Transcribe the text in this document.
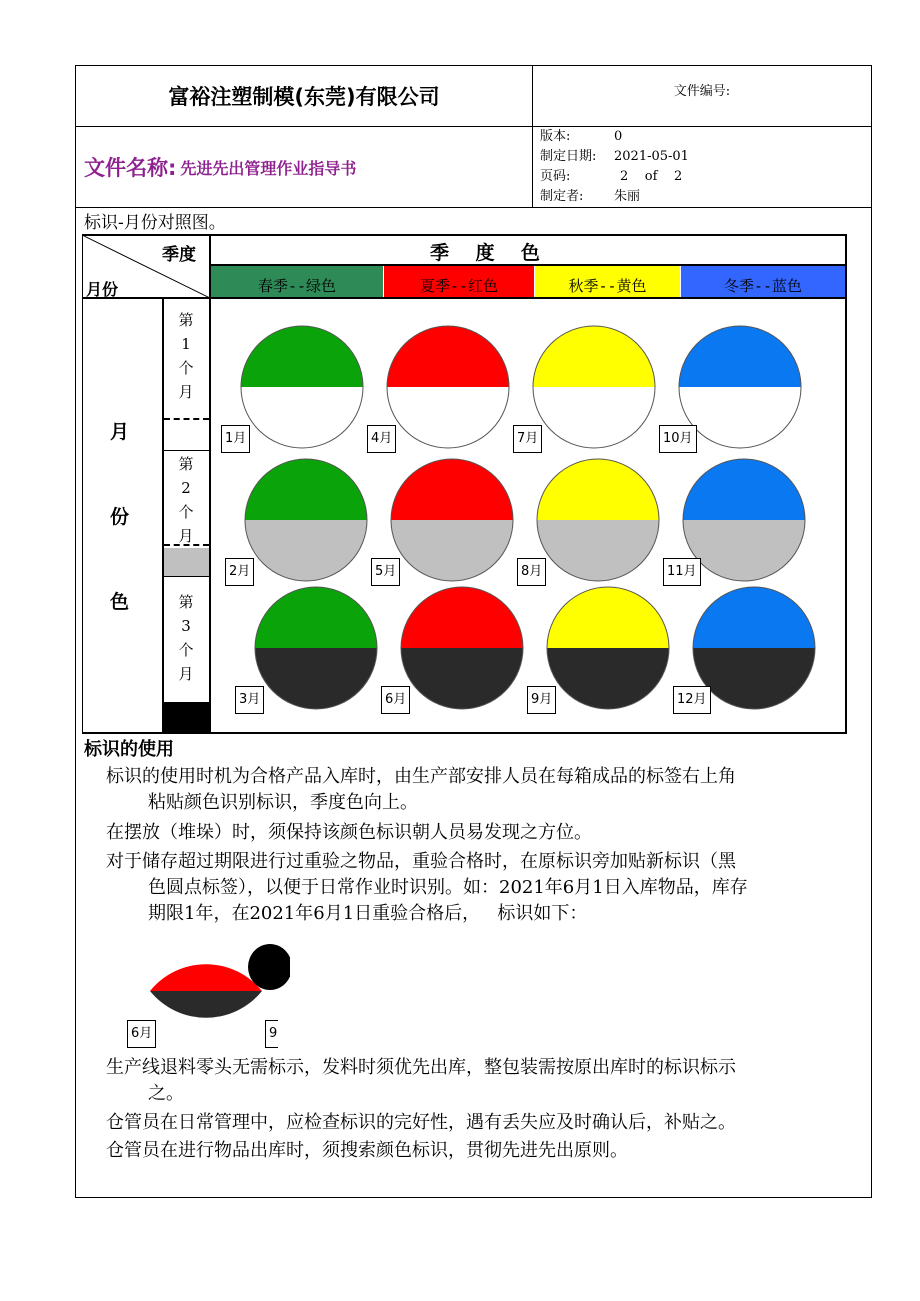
富裕注塑制模(东莞)有限公司	文件编号:
文件名称: 先进先出管理作业指导书
版本:	0
制定日期: 2021-05-01
页码:	2    of    2
制定者: 朱丽
标识-月份对照图。
季度
月份
季    度    色
春季--绿色	夏季--红色	秋季--黄色	冬季--蓝色
月
份
色
第1个月
第2个月
第3个月
1月	4月	7月	10月
2月	5月	8月	11月
3月	6月	9月	12月
标识的使用
标识的使用时机为合格产品入库时，由生产部安排人员在每箱成品的标签右上角
粘贴颜色识别标识，季度色向上。
在摆放（堆垛）时，须保持该颜色标识朝人员易发现之方位。
对于储存超过期限进行过重验之物品，重验合格时，在原标识旁加贴新标识（黑
色圆点标签），以便于日常作业时识别。如：2021年6月1日入库物品，库存
期限1年，在2021年6月1日重验合格后，   标识如下：
6月	9
生产线退料零头无需标示，发料时须优先出库，整包装需按原出库时的标识标示
之。
仓管员在日常管理中，应检查标识的完好性，遇有丢失应及时确认后，补贴之。
仓管员在进行物品出库时，须搜索颜色标识，贯彻先进先出原则。
